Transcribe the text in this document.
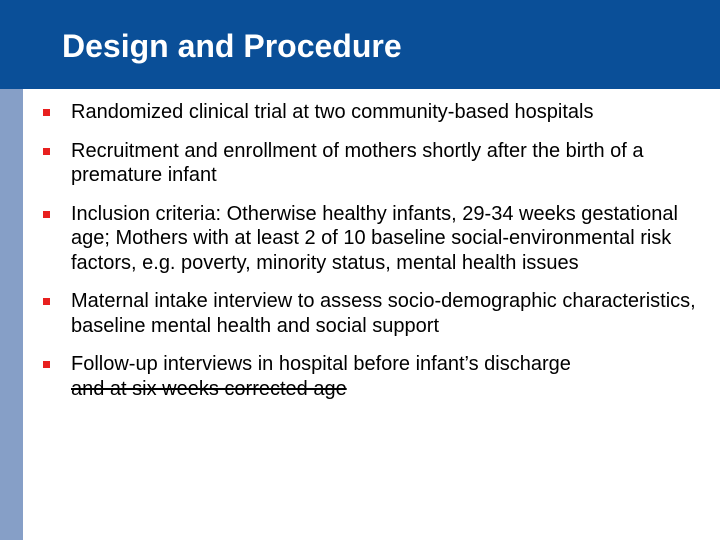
Design and Procedure
Randomized clinical trial at two community-based hospitals
Recruitment and enrollment of mothers shortly after the birth of a premature infant
Inclusion criteria: Otherwise healthy infants, 29-34 weeks gestational age; Mothers with at least 2 of 10 baseline social-environmental risk factors, e.g. poverty, minority status, mental health issues
Maternal intake interview to assess socio-demographic characteristics, baseline mental health and social support
Follow-up interviews in hospital before infant’s discharge
and at six weeks corrected age
